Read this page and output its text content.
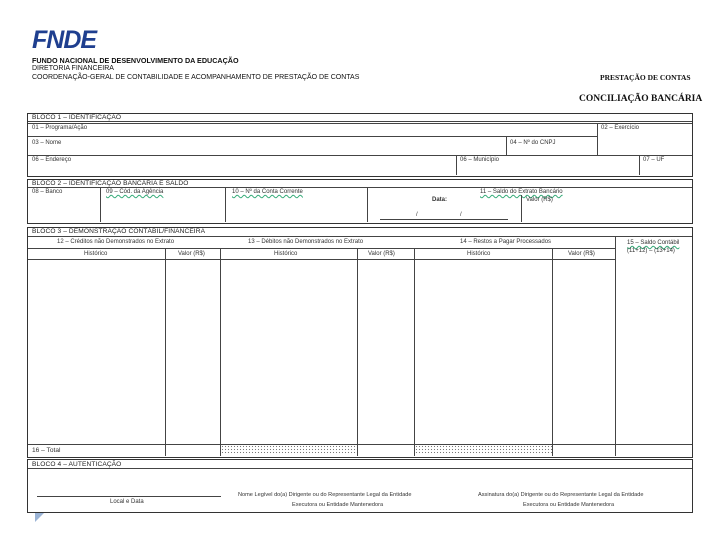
FNDE
FUNDO NACIONAL DE DESENVOLVIMENTO DA EDUCAÇÃO
DIRETORIA FINANCEIRA
COORDENAÇÃO-GERAL DE CONTABILIDADE E ACOMPANHAMENTO DE PRESTAÇÃO DE CONTAS	PRESTAÇÃO DE CONTAS
CONCILIAÇÃO BANCÁRIA
BLOCO 1 – IDENTIFICAÇÃO
01 – Programa/Ação	02 – Exercício
03 – Nome	04 – Nº do CNPJ
06 – Endereço	06 – Município	07 – UF
BLOCO 2 – IDENTIFICAÇÃO BANCÁRIA E SALDO
08 – Banco	09 – Cód. da Agência	10 – Nº da Conta Corrente	11 – Saldo do Extrato Bancário
Data:	Valor (R$)
/	/
BLOCO 3 – DEMONSTRAÇÃO CONTÁBIL/FINANCEIRA
12 – Créditos não Demonstrados no Extrato	13 – Débitos não Demonstrados no Extrato	14 – Restos a Pagar Processados	15 – Saldo Contábil
(11+12) – (13+14)
Histórico	Valor (R$)	Histórico	Valor (R$)	Histórico	Valor (R$)
16 – Total
BLOCO 4 – AUTENTICAÇÃO
Local e Data
Nome Legível do(a) Dirigente ou do Representante Legal da Entidade
Executora ou Entidade Mantenedora
Assinatura do(a) Dirigente ou do Representante Legal da Entidade
Executora ou Entidade Mantenedora
